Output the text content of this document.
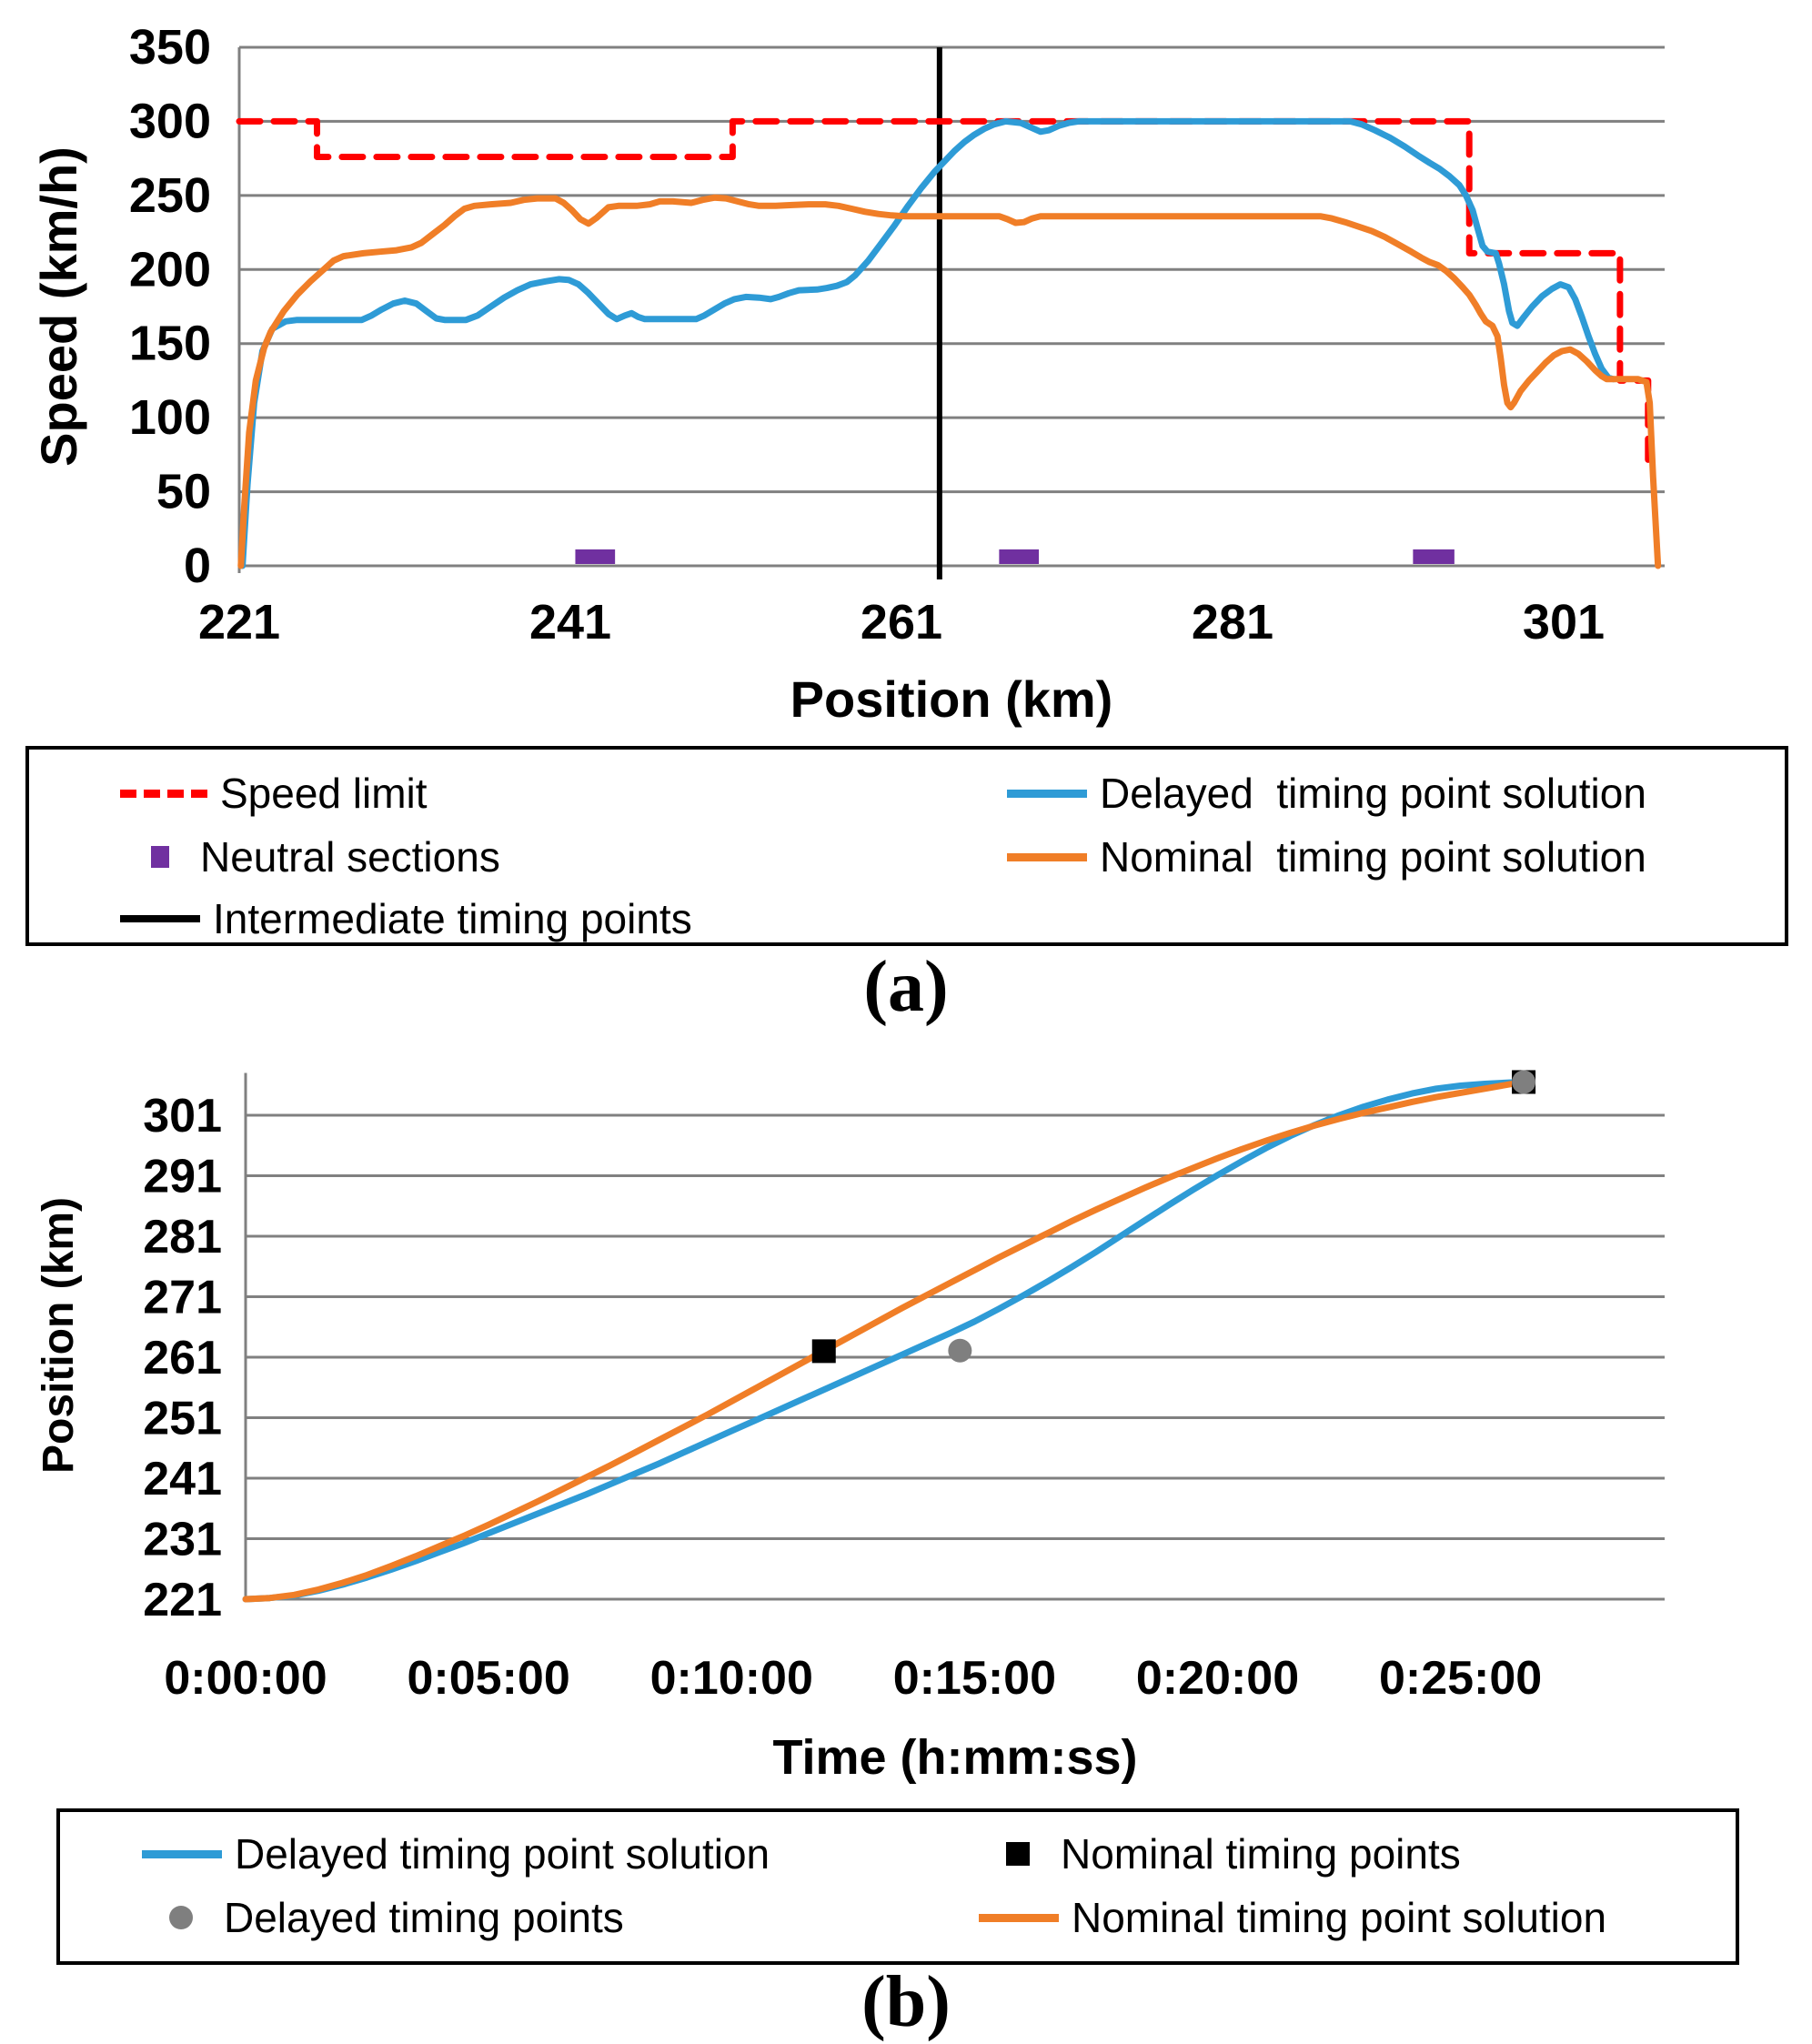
221	241	261	281	301
0
50
100
150
200
250
300
350
Position (km)
Speed (km/h)
0:00:00 0:05:00 0:10:00 0:15:00 0:20:00 0:25:00
221
231
241
251
261
271
281
291
301
Time (h:mm:ss)
Position (km)
Speed limit
Neutral sections
Intermediate timing points
Delayed  timing point solution
Nominal  timing point solution
(a)
Delayed timing point solution
Delayed timing points
Nominal timing points
Nominal timing point solution
(b)
